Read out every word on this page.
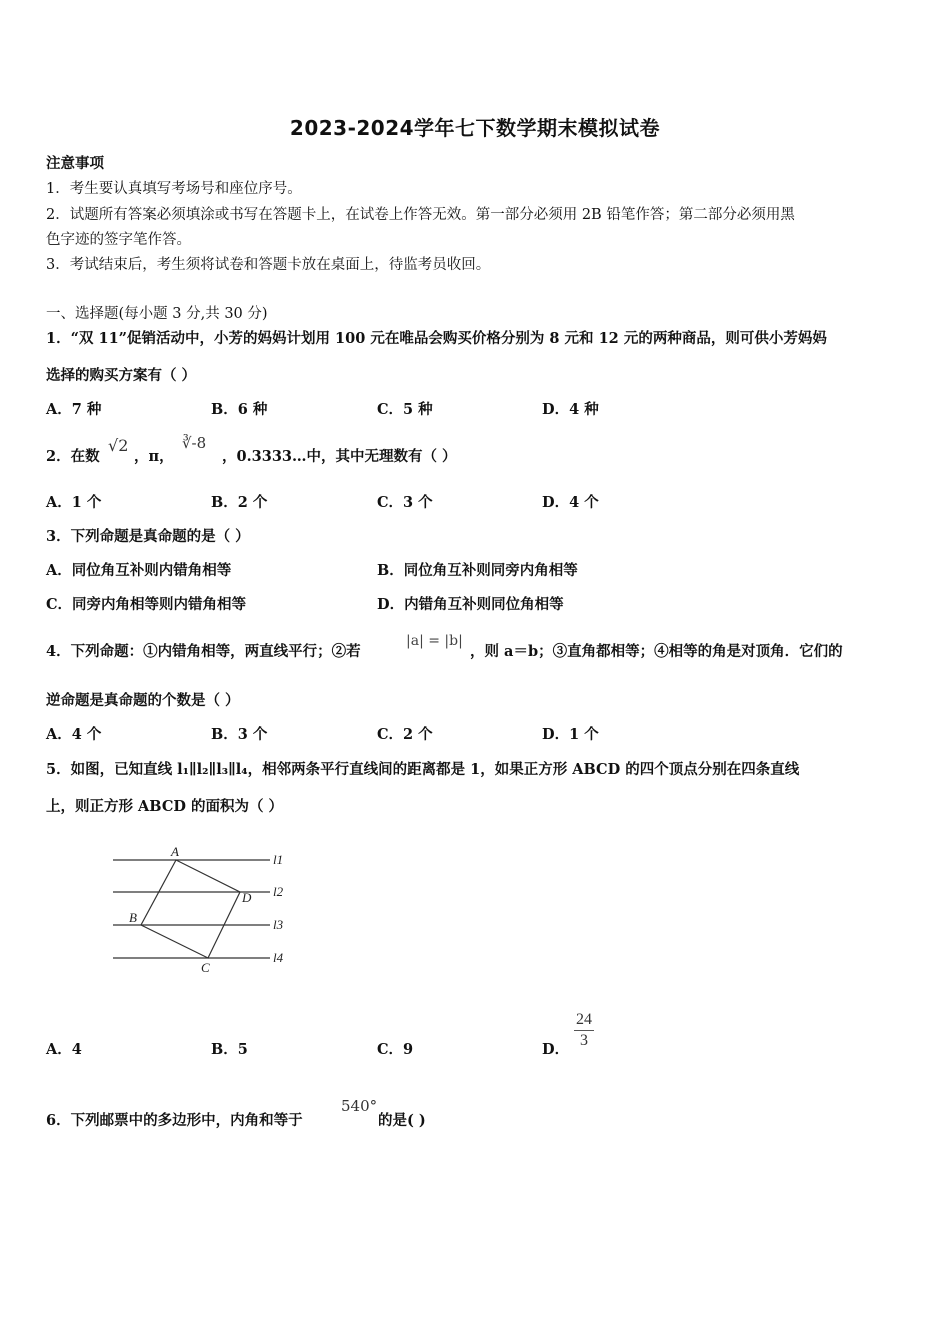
2023-2024学年七下数学期末模拟试卷
注意事项
1．考生要认真填写考场号和座位序号。
2．试题所有答案必须填涂或书写在答题卡上，在试卷上作答无效。第一部分必须用 2B 铅笔作答；第二部分必须用黑
色字迹的签字笔作答。
3．考试结束后，考生须将试卷和答题卡放在桌面上，待监考员收回。
一、选择题(每小题 3 分,共 30 分)
1．“双 11”促销活动中，小芳的妈妈计划用 100 元在唯品会购买价格分别为 8 元和 12 元的两种商品，则可供小芳妈妈
选择的购买方案有（ ）
A．7 种	B．6 种	C．5 种	D．4 种
2．在数
√2
，π，
∛-8
，0.3333…中，其中无理数有（ ）
A．1 个	B．2 个	C．3 个	D．4 个
3．下列命题是真命题的是（ ）
A．同位角互补则内错角相等	B．同位角互补则同旁内角相等
C．同旁内角相等则内错角相等	D．内错角互补则同位角相等
4．下列命题：①内错角相等，两直线平行；②若
|a| = |b|
，则 a＝b；③直角都相等；④相等的角是对顶角．它们的
逆命题是真命题的个数是（ ）
A．4 个	B．3 个	C．2 个	D．1 个
5．如图，已知直线 l₁∥l₂∥l₃∥l₄，相邻两条平行直线间的距离都是 1，如果正方形 ABCD 的四个顶点分别在四条直线
上，则正方形 ABCD 的面积为（ ）
A
B
C
D
l1
l2
l3
l4
A．4	B．5	C．9	D． $\frac{24}{3}$
6．下列邮票中的多边形中，内角和等于
540°
的是( )
